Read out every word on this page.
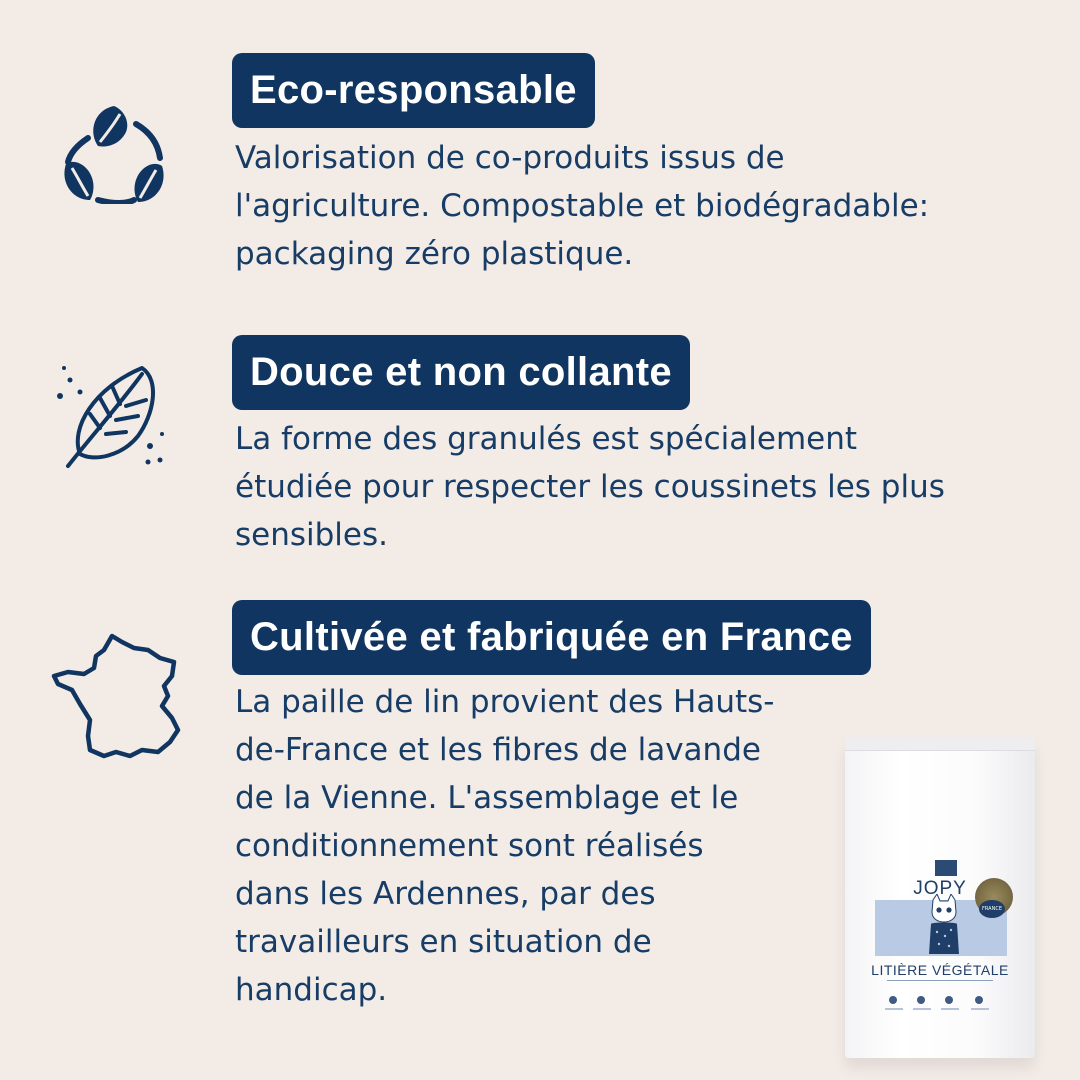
Eco-responsable
Valorisation de co-produits issus de
l'agriculture. Compostable et biodégradable:
packaging zéro plastique.
Douce et non collante
La forme des granulés est spécialement
étudiée pour respecter les coussinets les plus
sensibles.
Cultivée et fabriquée en France
La paille de lin provient des Hauts-
de-France et les fibres de lavande
de la Vienne. L'assemblage et le
conditionnement sont réalisés
dans les Ardennes, par des
travailleurs en situation de
handicap.
JOPY
FRANCE
LITIÈRE VÉGÉTALE
